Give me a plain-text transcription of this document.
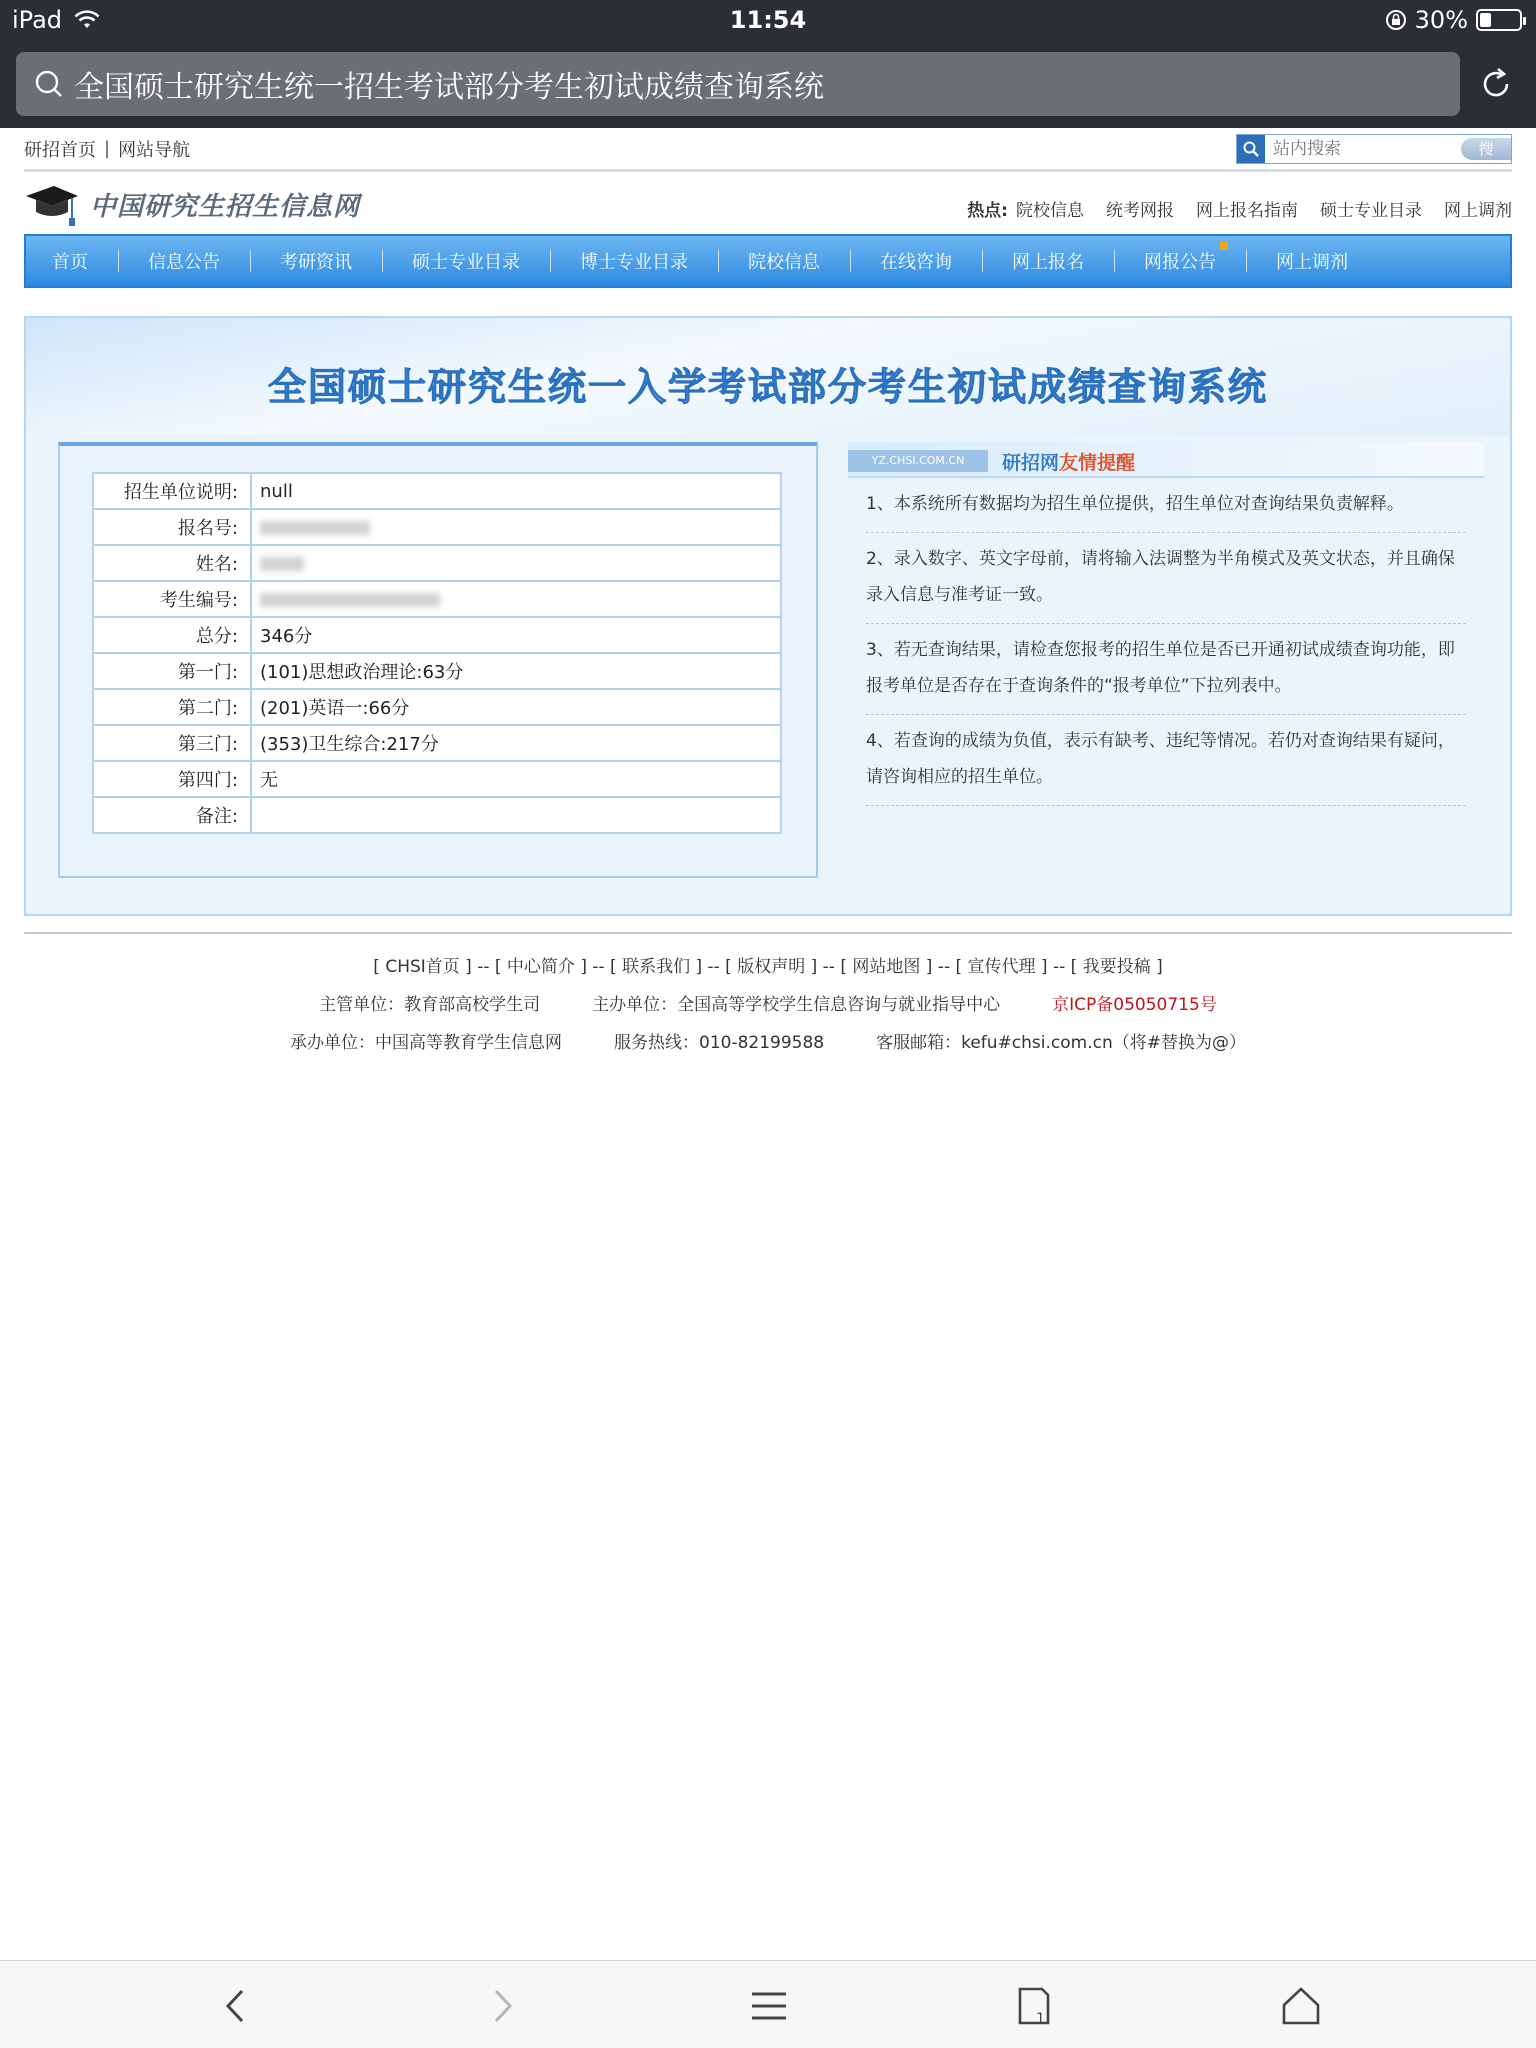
iPad	11:54	30%
全国硕士研究生统一招生考试部分考生初试成绩查询系统
研招首页 | 网站导航
站内搜索	搜
中国研究生招生信息网	热点: 院校信息 统考网报 网上报名指南 硕士专业目录 网上调剂
首页	信息公告	考研资讯	硕士专业目录	博士专业目录	院校信息	在线咨询	网上报名	网报公告	网上调剂
全国硕士研究生统一入学考试部分考生初试成绩查询系统
招生单位说明:	null
报名号:	
姓名:	
考生编号:	
总分:	346分
第一门:	(101)思想政治理论:63分
第二门:	(201)英语一:66分
第三门:	(353)卫生综合:217分
第四门:	无
备注:	
YZ.CHSI.COM.CN	研招网友情提醒
1、本系统所有数据均为招生单位提供，招生单位对查询结果负责解释。
2、录入数字、英文字母前，请将输入法调整为半角模式及英文状态，并且确保录入信息与准考证一致。
3、若无查询结果，请检查您报考的招生单位是否已开通初试成绩查询功能，即报考单位是否存在于查询条件的“报考单位”下拉列表中。
4、若查询的成绩为负值，表示有缺考、违纪等情况。若仍对查询结果有疑问，请咨询相应的招生单位。
[ CHSI首页 ] -- [ 中心简介 ] -- [ 联系我们 ] -- [ 版权声明 ] -- [ 网站地图 ] -- [ 宣传代理 ] -- [ 我要投稿 ]
主管单位：教育部高校学生司	主办单位：全国高等学校学生信息咨询与就业指导中心	京ICP备05050715号
承办单位：中国高等教育学生信息网	服务热线：010-82199588	客服邮箱：kefu#chsi.com.cn（将#替换为@）
1
